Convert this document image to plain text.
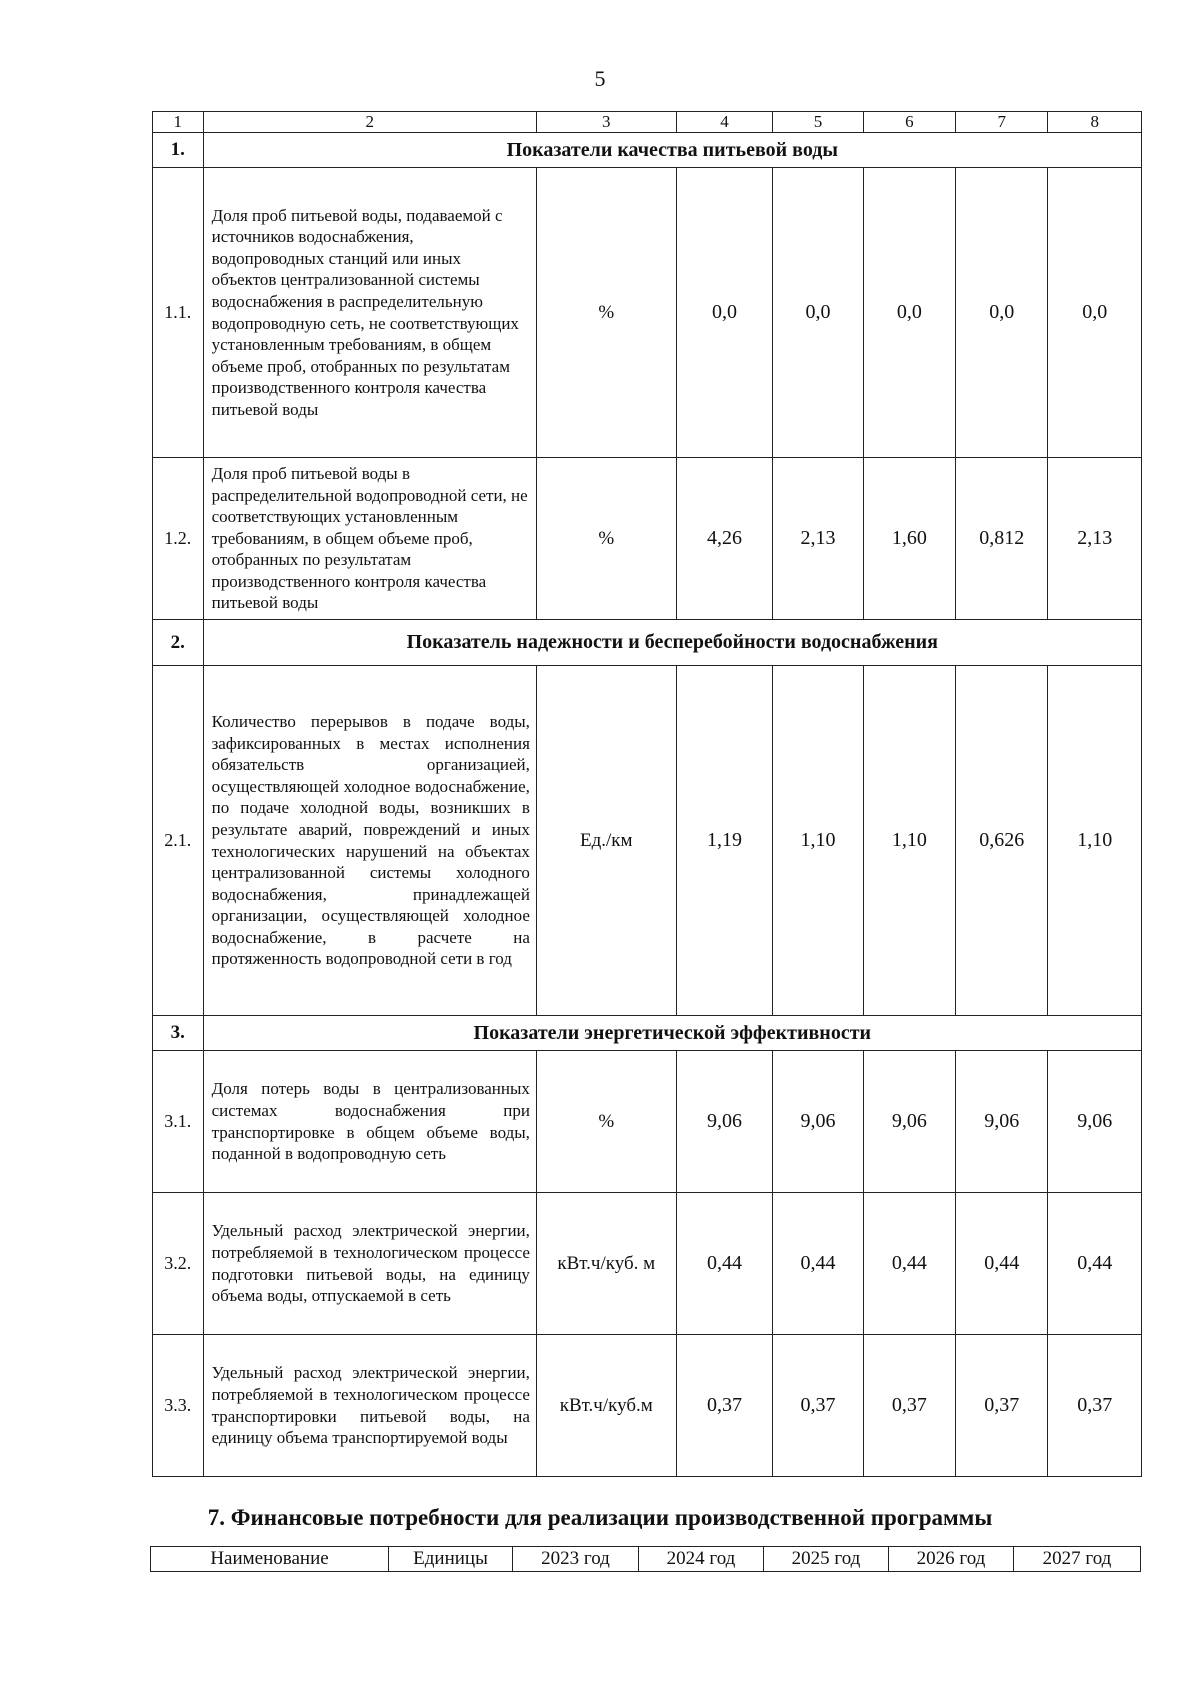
5
1	2	3	4	5	6	7	8
1.	Показатели качества питьевой воды						
1.1.	Доля проб питьевой воды, подаваемой с источников водоснабжения, водопроводных станций или иных объектов централизованной системы водоснабжения в распределительную водопроводную сеть, не соответствующих установленным требованиям, в общем объеме проб, отобранных по результатам производственного контроля качества питьевой воды	%	0,0	0,0	0,0	0,0	0,0
1.2.	Доля проб питьевой воды в распределительной водопроводной сети, не соответствующих установленным требованиям, в общем объеме проб, отобранных по результатам производственного контроля качества питьевой воды	%	4,26	2,13	1,60	0,812	2,13
2.	Показатель надежности и бесперебойности водоснабжения						
2.1.	Количество перерывов в подаче воды, зафиксированных в местах исполнения обязательств организацией, осуществляющей холодное водоснабжение, по подаче холодной воды, возникших в результате аварий, повреждений и иных технологических нарушений на объектах централизованной системы холодного водоснабжения, принадлежащей организации, осуществляющей холодное водоснабжение, в расчете на протяженность водопроводной сети в год	Ед./км	1,19	1,10	1,10	0,626	1,10
3.	Показатели энергетической эффективности						
3.1.	Доля потерь воды в централизованных системах водоснабжения при транспортировке в общем объеме воды, поданной в водопроводную сеть	%	9,06	9,06	9,06	9,06	9,06
3.2.	Удельный расход электрической энергии, потребляемой в технологическом процессе подготовки питьевой воды, на единицу объема воды, отпускаемой в сеть	кВт.ч/куб. м	0,44	0,44	0,44	0,44	0,44
3.3.	Удельный расход электрической энергии, потребляемой в технологическом процессе транспортировки питьевой воды, на единицу объема транспортируемой воды	кВт.ч/куб.м	0,37	0,37	0,37	0,37	0,37
7. Финансовые потребности для реализации производственной программы
Наименование	Единицы	2023 год	2024 год	2025 год	2026 год	2027 год
